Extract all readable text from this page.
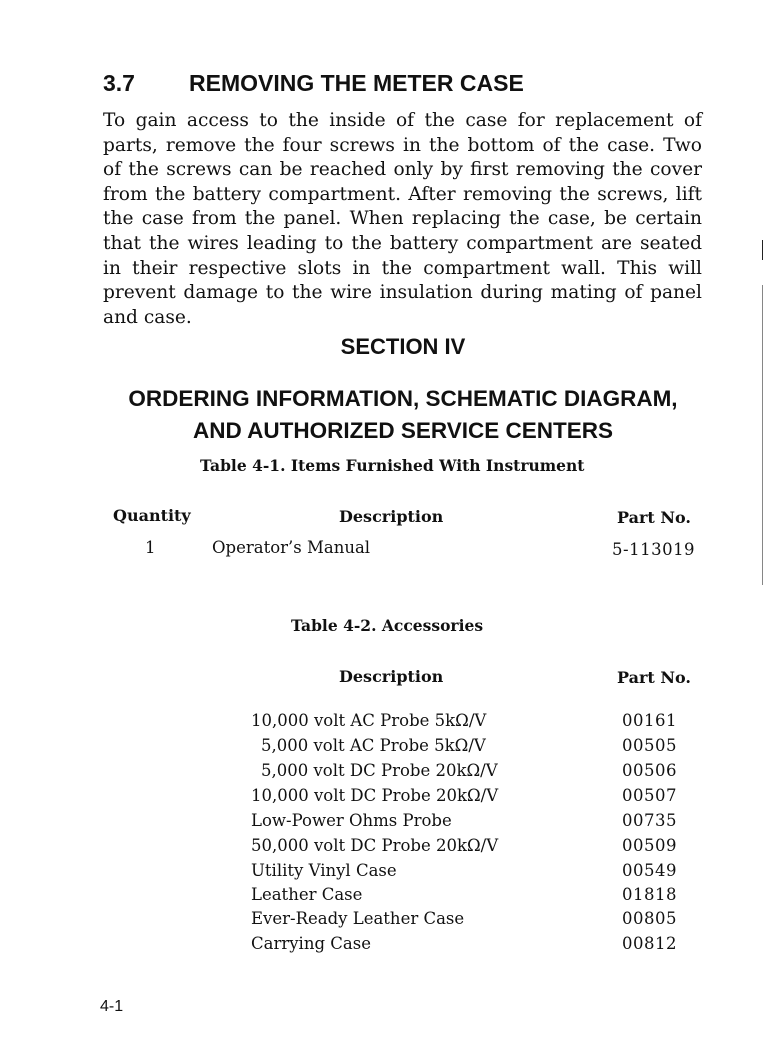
3.7 REMOVING THE METER CASE

To gain access to the inside of the case for replacement of parts, remove the four screws in the bottom of the case. Two of the screws can be reached only by first removing the cover from the battery compartment. After removing the screws, lift the case from the panel. When replacing the case, be certain that the wires leading to the battery compartment are seated in their respective slots in the compartment wall. This will prevent damage to the wire insulation during mating of panel and case.

SECTION IV
ORDERING INFORMATION, SCHEMATIC DIAGRAM,
AND AUTHORIZED SERVICE CENTERS
Table 4-1. Items Furnished With Instrument
Quantity	Description	Part No.
1	Operator’s Manual	5-113019
Table 4-2. Accessories
Description	Part No.
10,000 volt AC Probe 5kΩ/V	00161
5,000 volt AC Probe 5kΩ/V	00505
5,000 volt DC Probe 20kΩ/V	00506
10,000 volt DC Probe 20kΩ/V	00507
Low-Power Ohms Probe	00735
50,000 volt DC Probe 20kΩ/V	00509
Utility Vinyl Case	00549
Leather Case	01818
Ever-Ready Leather Case	00805
Carrying Case	00812
4-1
